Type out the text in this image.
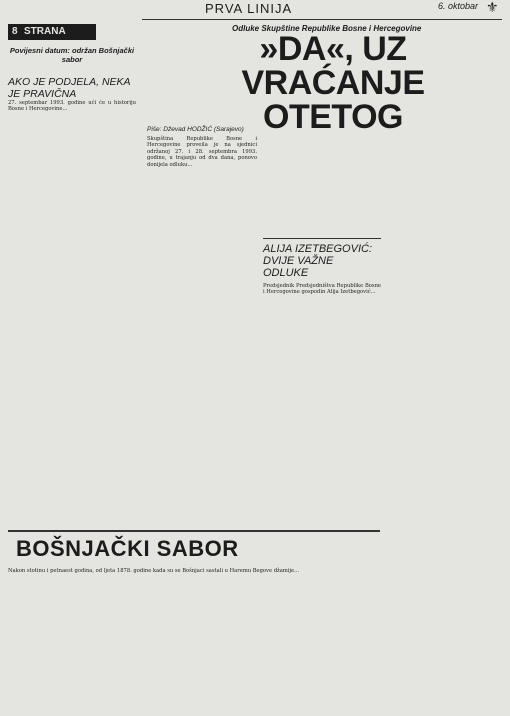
PRVA LINIJA	6. oktobar ⚜
8 STRANA	Odluke Skupštine Republike Bosne i Hercegovine
»DA«, UZ VRAĆANJE OTETOG
Povijesni datum: održan Bošnjački sabor
AKO JE PODJELA, NEKA JE PRAVIČNA
27. septembar 1993. godine ući će u historiju Bosne i Hercegovine...
Piše: Dževad HODŽIĆ (Sarajevo)
Skupština Republike Bosne i Hercegovine proveila je na sjednici održanoj 27. i 28. septembra 1993. godine, u trajanju od dva dana, ponovo donijela odluku...
ALIJA IZETBEGOVIĆ: DVIJE VAŽNE ODLUKE
Predsjednik Predsjedništva Republike Bosne i Hercegovine gospodin Alija Izetbegović...
BOŠNJAČKI SABOR
Nakon stotinu i petnaest godina, od ljeta 1878. godine kada su se Bošnjaci sastali u Haremu Begove džamije...
